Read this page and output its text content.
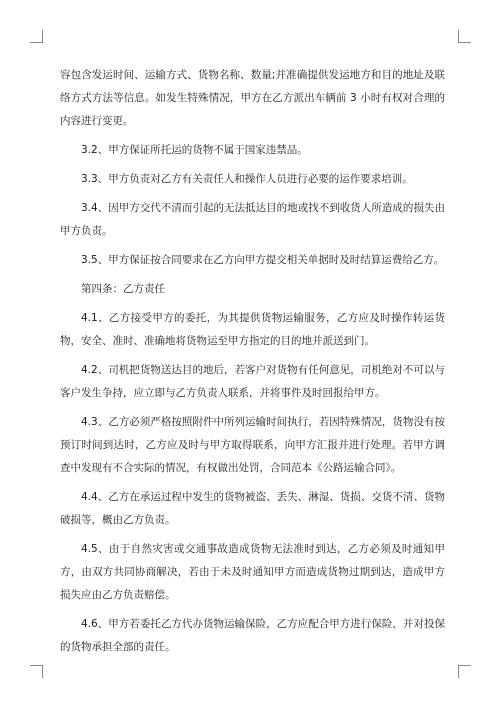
容包含发运时间、运输方式、货物名称、数量;并准确提供发运地方和目的地址及联络方式方法等信息。如发生特殊情况，甲方在乙方派出车辆前 3 小时有权对合理的内容进行变更。

3.2、甲方保证所托运的货物不属于国家违禁品。

3.3、甲方负责对乙方有关责任人和操作人员进行必要的运作要求培训。

3.4、因甲方交代不清而引起的无法抵达目的地或找不到收货人所造成的损失由甲方负责。

3.5、甲方保证按合同要求在乙方向甲方提交相关单据时及时结算运费给乙方。

第四条：乙方责任

4.1、乙方接受甲方的委托，为其提供货物运输服务，乙方应及时操作转运货物，安全、准时、准确地将货物运至甲方指定的目的地并派送到门。

4.2、司机把货物送达目的地后，若客户对货物有任何意见，司机绝对不可以与客户发生争持，应立即与乙方负责人联系，并将事件及时回报给甲方。

4.3、乙方必须严格按照附件中所列运输时间执行，若因特殊情况，货物没有按预订时间到达时，乙方应及时与甲方取得联系，向甲方汇报并进行处理。若甲方调查中发现有不合实际的情况，有权做出处罚，合同范本《公路运输合同》。

4.4、乙方在承运过程中发生的货物被盗、丢失、淋湿、货损、交货不清、货物破损等，概由乙方负责。

4.5、由于自然灾害或交通事故造成货物无法准时到达，乙方必须及时通知甲方，由双方共同协商解决，若由于未及时通知甲方而造成货物过期到达，造成甲方损失应由乙方负责赔偿。

4.6、甲方若委托乙方代办货物运输保险，乙方应配合甲方进行保险，并对投保的货物承担全部的责任。
